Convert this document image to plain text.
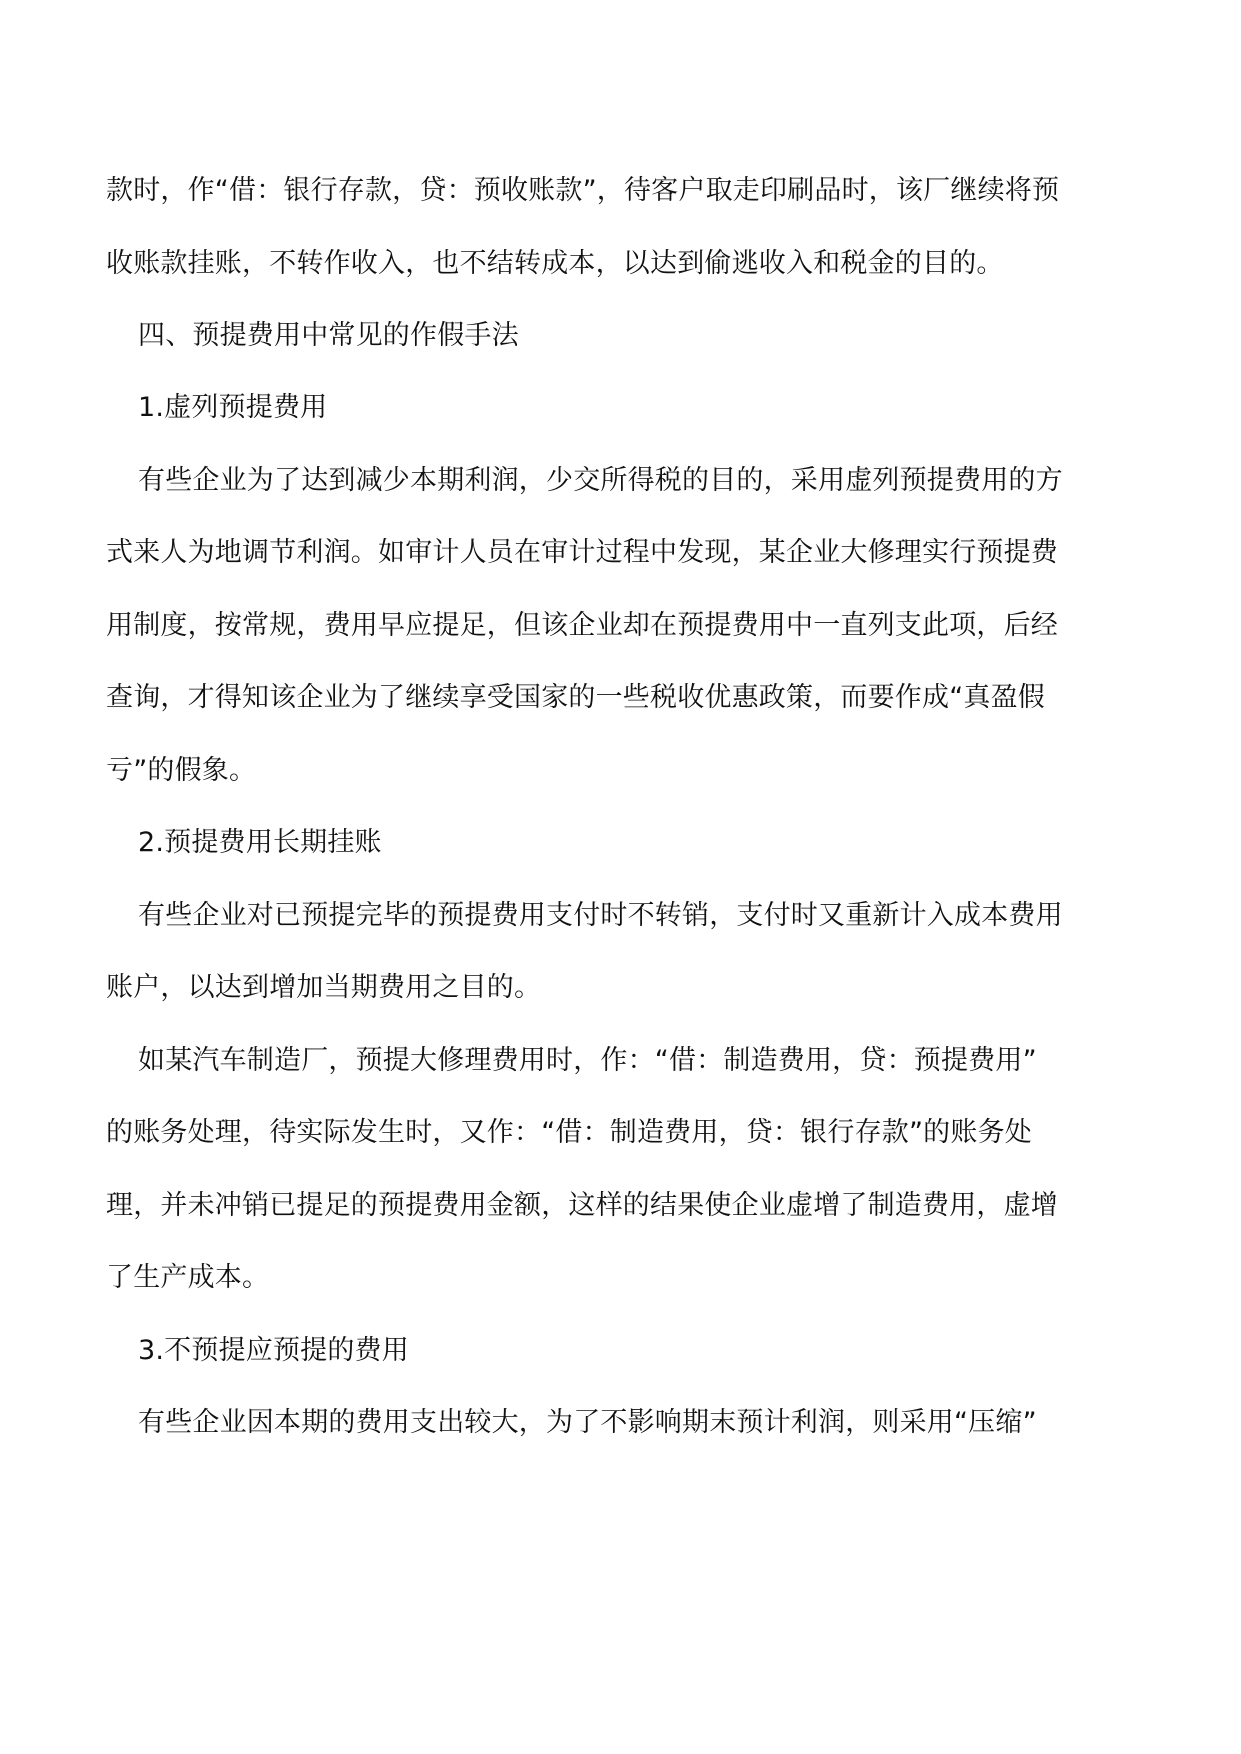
款时，作“借：银行存款，贷：预收账款”，待客户取走印刷品时，该厂继续将预
收账款挂账，不转作收入，也不结转成本，以达到偷逃收入和税金的目的。
四、预提费用中常见的作假手法
1.虚列预提费用
有些企业为了达到减少本期利润，少交所得税的目的，采用虚列预提费用的方
式来人为地调节利润。如审计人员在审计过程中发现，某企业大修理实行预提费
用制度，按常规，费用早应提足，但该企业却在预提费用中一直列支此项，后经
查询，才得知该企业为了继续享受国家的一些税收优惠政策，而要作成“真盈假
亏”的假象。
2.预提费用长期挂账
有些企业对已预提完毕的预提费用支付时不转销，支付时又重新计入成本费用
账户，以达到增加当期费用之目的。
如某汽车制造厂，预提大修理费用时，作：“借：制造费用，贷：预提费用”
的账务处理，待实际发生时，又作：“借：制造费用，贷：银行存款”的账务处
理，并未冲销已提足的预提费用金额，这样的结果使企业虚增了制造费用，虚增
了生产成本。
3.不预提应预提的费用
有些企业因本期的费用支出较大，为了不影响期末预计利润，则采用“压缩”
